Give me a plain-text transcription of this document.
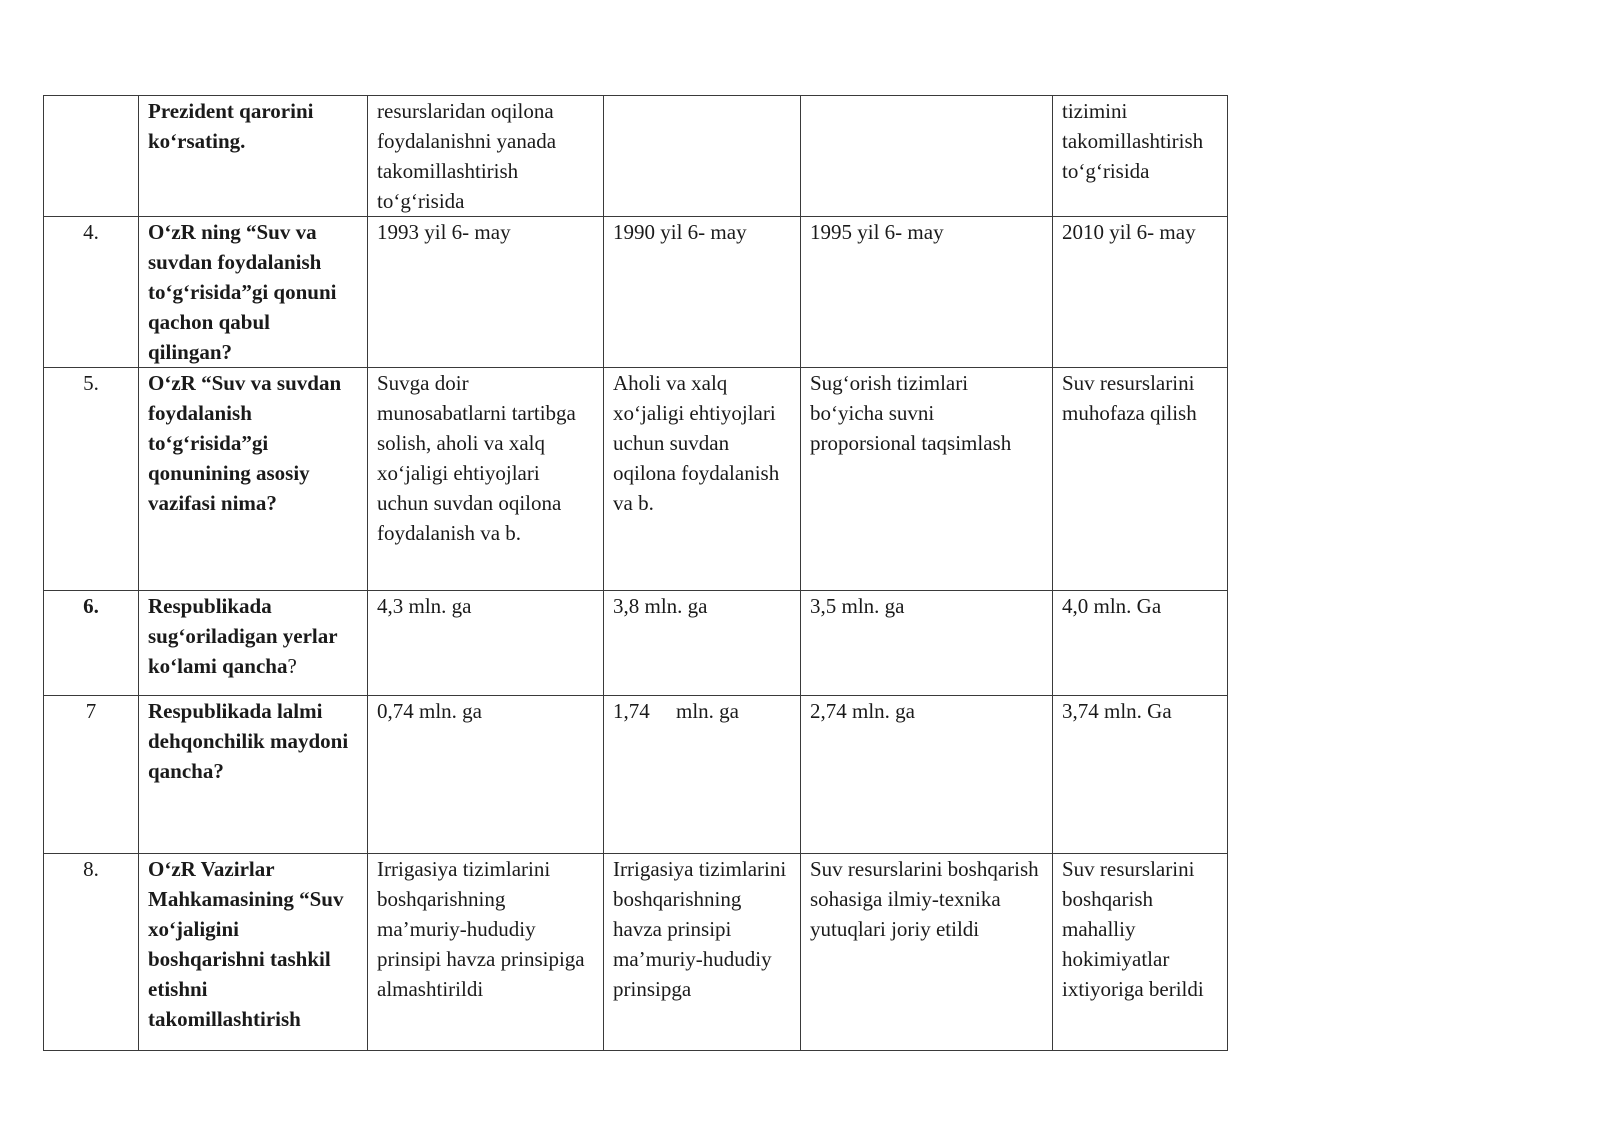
	Prezident qarorini ko‘rsating.	resurslaridan oqilona foydalanishni yanada takomillashtirish to‘g‘risida			tizimini takomillashtirish to‘g‘risida
4.	O‘zR ning “Suv va suvdan foydalanish to‘g‘risida”gi qonuni qachon qabul qilingan?	1993 yil 6- may	1990 yil 6- may	1995 yil 6- may	2010 yil 6- may
5.	O‘zR “Suv va suvdan foydalanish to‘g‘risida”gi qonunining asosiy vazifasi nima?	Suvga doir munosabatlarni tartibga solish, aholi va xalq xo‘jaligi ehtiyojlari uchun suvdan oqilona foydalanish va b.	Aholi va xalq xo‘jaligi ehtiyojlari uchun suvdan oqilona foydalanish va b.	Sug‘orish tizimlari bo‘yicha suvni proporsional taqsimlash	Suv resurslarini muhofaza qilish
6.	Respublikada sug‘oriladigan yerlar ko‘lami qancha?	4,3 mln. ga	3,8 mln. ga	3,5 mln. ga	4,0 mln. Ga
7	Respublikada lalmi dehqonchilik maydoni qancha?	0,74 mln. ga	1,74     mln. ga	2,74 mln. ga	3,74 mln. Ga
8.	O‘zR Vazirlar Mahkamasining “Suv xo‘jaligini boshqarishni tashkil etishni takomillashtirish	Irrigasiya tizimlarini boshqarishning ma’muriy-hududiy prinsipi havza prinsipiga almashtirildi	Irrigasiya tizimlarini boshqarishning havza prinsipi ma’muriy-hududiy prinsipga	Suv resurslarini boshqarish sohasiga ilmiy-texnika yutuqlari joriy etildi	Suv resurslarini boshqarish mahalliy hokimiyatlar ixtiyoriga berildi
